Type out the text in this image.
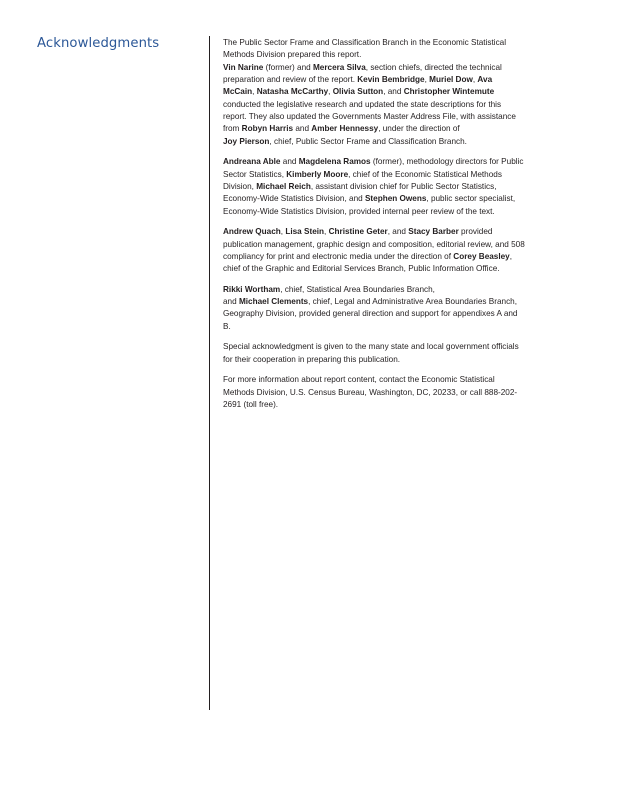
Acknowledgments	The Public Sector Frame and Classification Branch in the Economic Statistical Methods Division prepared this report.
Vin Narine (former) and Mercera Silva, section chiefs, directed the technical preparation and review of the report. Kevin Bembridge, Muriel Dow, Ava McCain, Natasha McCarthy, Olivia Sutton, and Christopher Wintemute conducted the legislative research and updated the state descriptions for this report. They also updated the Governments Master Address File, with assistance from Robyn Harris and Amber Hennessy, under the direction of
Joy Pierson, chief, Public Sector Frame and Classification Branch.

Andreana Able and Magdelena Ramos (former), methodology directors for Public Sector Statistics, Kimberly Moore, chief of the Economic Statistical Methods Division, Michael Reich, assistant division chief for Public Sector Statistics, Economy-Wide Statistics Division, and Stephen Owens, public sector specialist, Economy-Wide Statistics Division, provided internal peer review of the text.

Andrew Quach, Lisa Stein, Christine Geter, and Stacy Barber provided publication management, graphic design and composition, editorial review, and 508 compliancy for print and electronic media under the direction of Corey Beasley, chief of the Graphic and Editorial Services Branch, Public Information Office.

Rikki Wortham, chief, Statistical Area Boundaries Branch,
and Michael Clements, chief, Legal and Administrative Area Boundaries Branch, Geography Division, provided general direction and support for appendixes A and B.

Special acknowledgment is given to the many state and local government officials for their cooperation in preparing this publication.

For more information about report content, contact the Economic Statistical Methods Division, U.S. Census Bureau, Washington, DC, 20233, or call 888-202-2691 (toll free).
